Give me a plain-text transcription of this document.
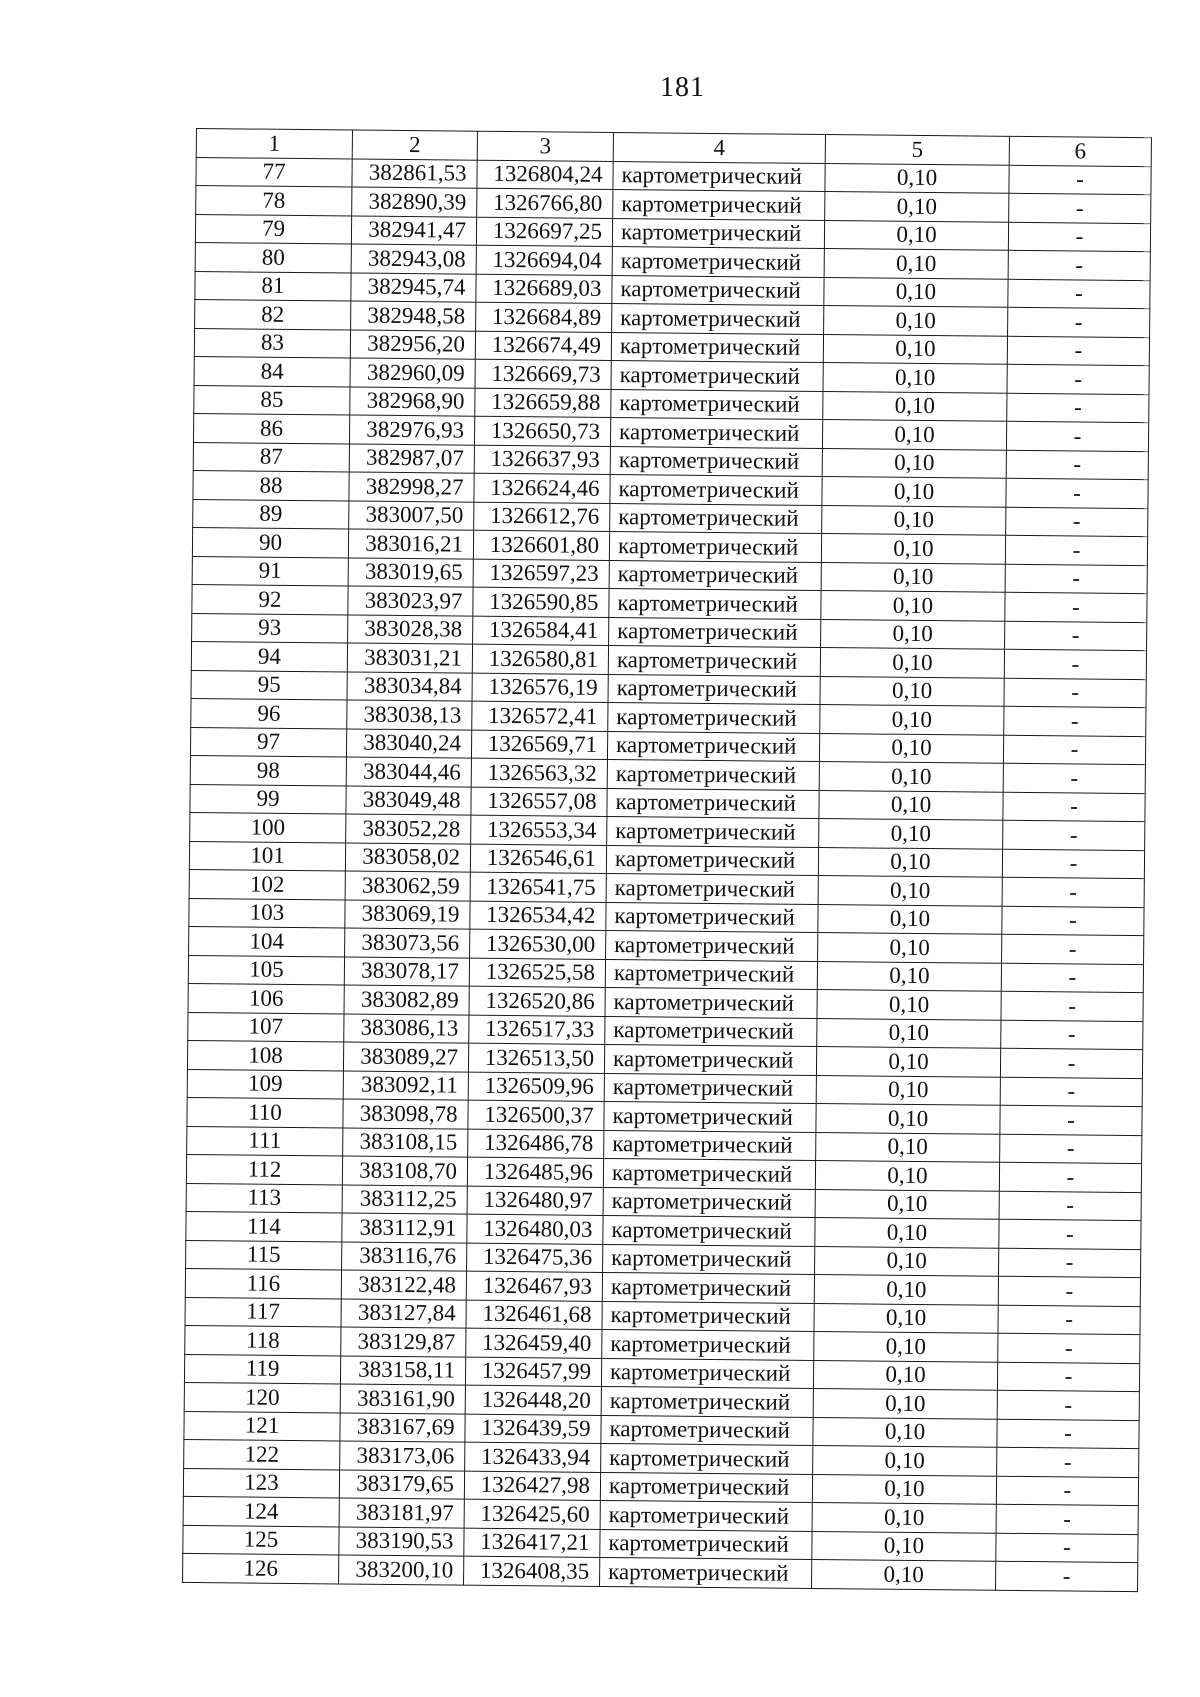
181
1	2	3	4	5	6
77	382861,53	1326804,24	картометрический	0,10	-
78	382890,39	1326766,80	картометрический	0,10	-
79	382941,47	1326697,25	картометрический	0,10	-
80	382943,08	1326694,04	картометрический	0,10	-
81	382945,74	1326689,03	картометрический	0,10	-
82	382948,58	1326684,89	картометрический	0,10	-
83	382956,20	1326674,49	картометрический	0,10	-
84	382960,09	1326669,73	картометрический	0,10	-
85	382968,90	1326659,88	картометрический	0,10	-
86	382976,93	1326650,73	картометрический	0,10	-
87	382987,07	1326637,93	картометрический	0,10	-
88	382998,27	1326624,46	картометрический	0,10	-
89	383007,50	1326612,76	картометрический	0,10	-
90	383016,21	1326601,80	картометрический	0,10	-
91	383019,65	1326597,23	картометрический	0,10	-
92	383023,97	1326590,85	картометрический	0,10	-
93	383028,38	1326584,41	картометрический	0,10	-
94	383031,21	1326580,81	картометрический	0,10	-
95	383034,84	1326576,19	картометрический	0,10	-
96	383038,13	1326572,41	картометрический	0,10	-
97	383040,24	1326569,71	картометрический	0,10	-
98	383044,46	1326563,32	картометрический	0,10	-
99	383049,48	1326557,08	картометрический	0,10	-
100	383052,28	1326553,34	картометрический	0,10	-
101	383058,02	1326546,61	картометрический	0,10	-
102	383062,59	1326541,75	картометрический	0,10	-
103	383069,19	1326534,42	картометрический	0,10	-
104	383073,56	1326530,00	картометрический	0,10	-
105	383078,17	1326525,58	картометрический	0,10	-
106	383082,89	1326520,86	картометрический	0,10	-
107	383086,13	1326517,33	картометрический	0,10	-
108	383089,27	1326513,50	картометрический	0,10	-
109	383092,11	1326509,96	картометрический	0,10	-
110	383098,78	1326500,37	картометрический	0,10	-
111	383108,15	1326486,78	картометрический	0,10	-
112	383108,70	1326485,96	картометрический	0,10	-
113	383112,25	1326480,97	картометрический	0,10	-
114	383112,91	1326480,03	картометрический	0,10	-
115	383116,76	1326475,36	картометрический	0,10	-
116	383122,48	1326467,93	картометрический	0,10	-
117	383127,84	1326461,68	картометрический	0,10	-
118	383129,87	1326459,40	картометрический	0,10	-
119	383158,11	1326457,99	картометрический	0,10	-
120	383161,90	1326448,20	картометрический	0,10	-
121	383167,69	1326439,59	картометрический	0,10	-
122	383173,06	1326433,94	картометрический	0,10	-
123	383179,65	1326427,98	картометрический	0,10	-
124	383181,97	1326425,60	картометрический	0,10	-
125	383190,53	1326417,21	картометрический	0,10	-
126	383200,10	1326408,35	картометрический	0,10	-
